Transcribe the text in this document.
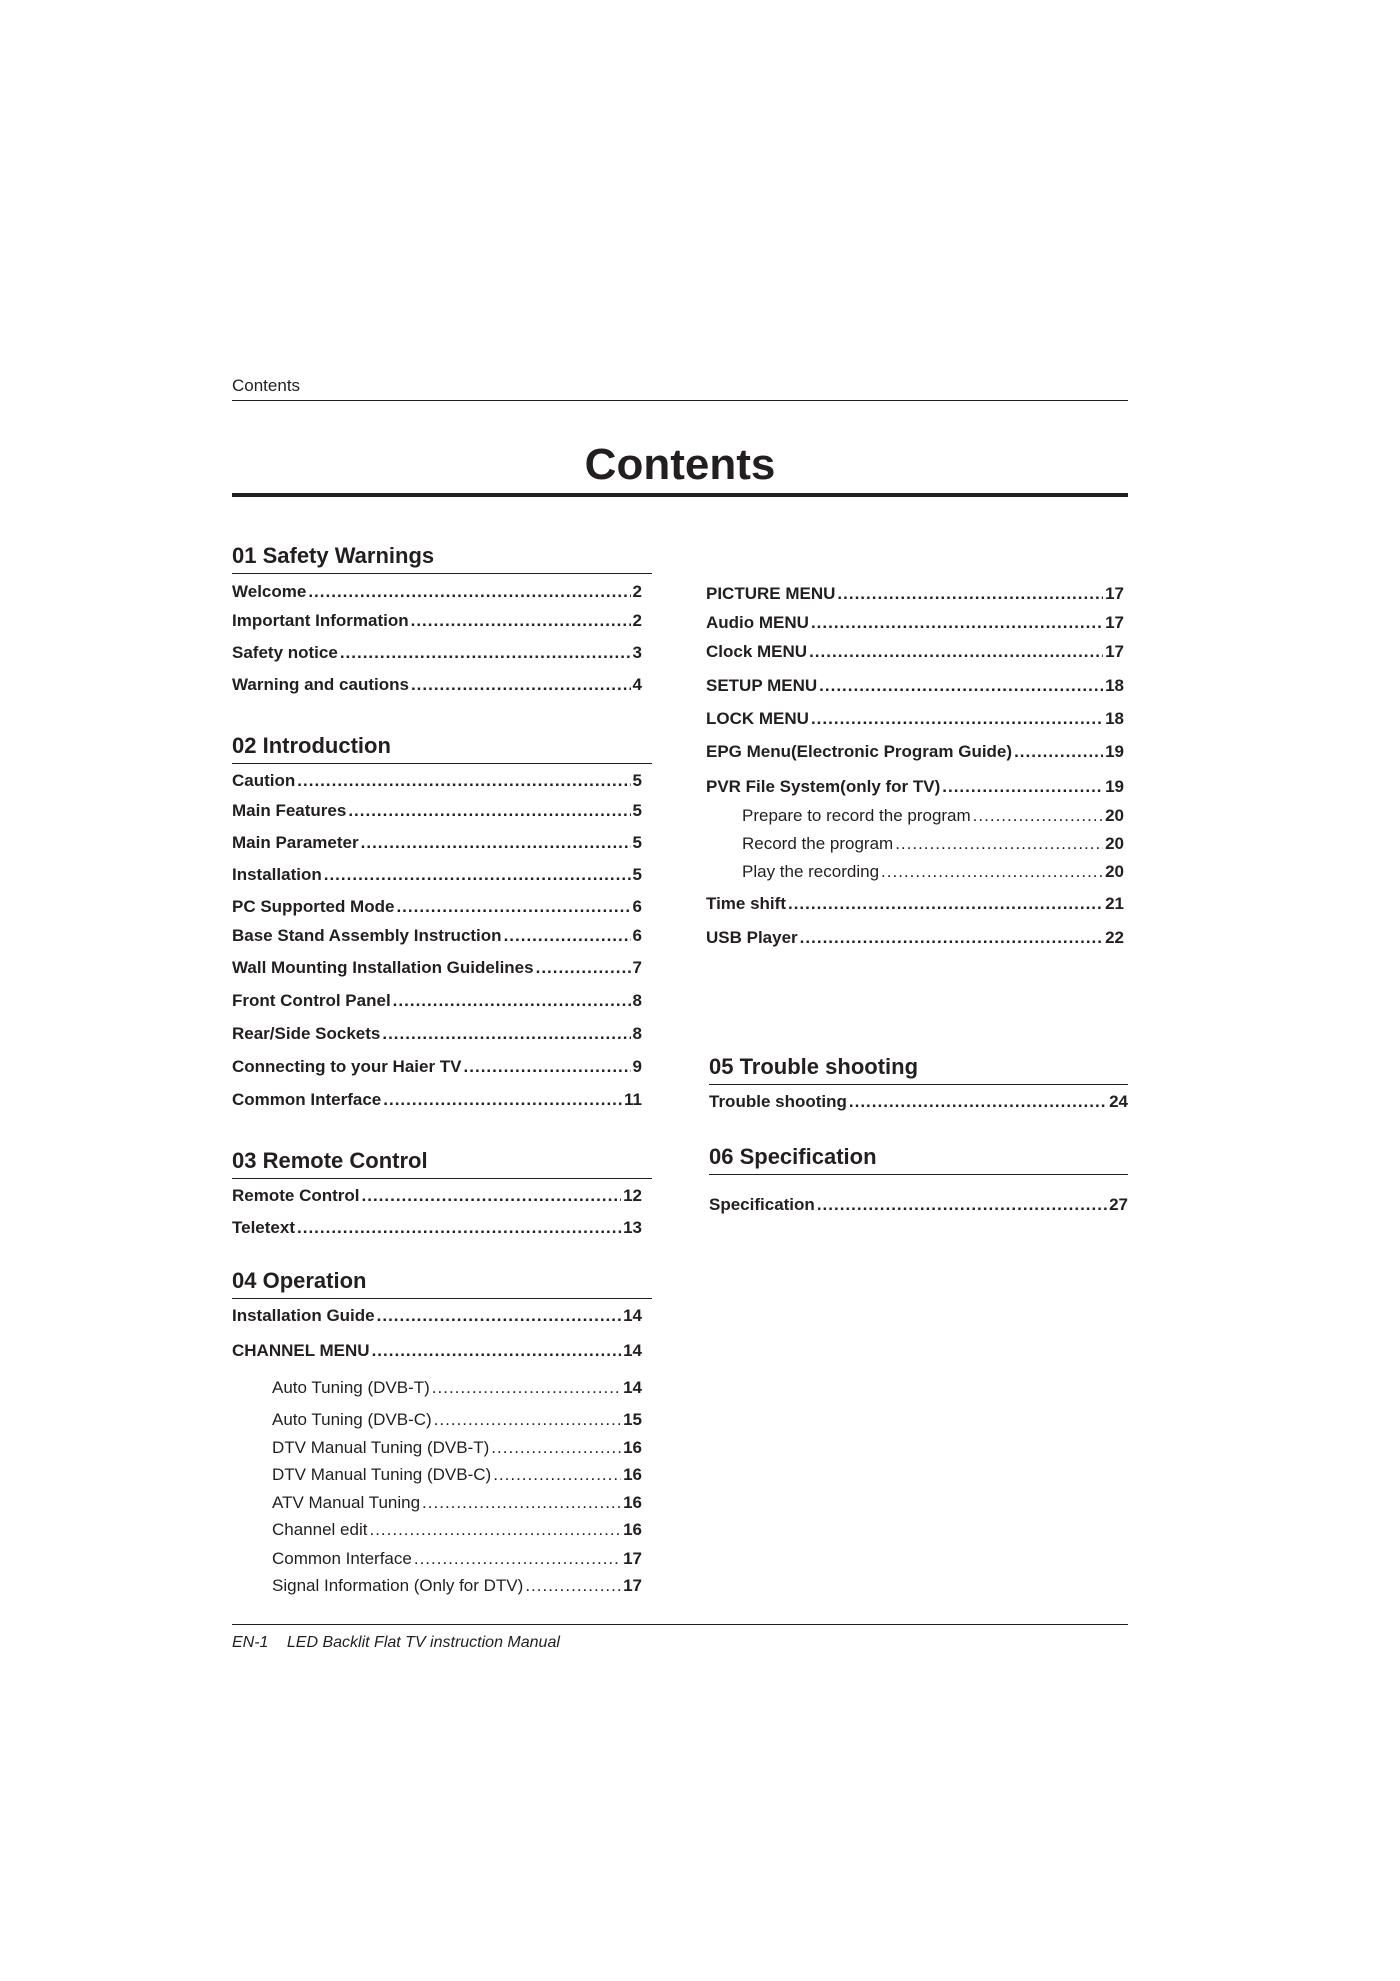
Contents
Contents
01 Safety Warnings
Welcome .....	2
Important Information .....	2
Safety notice .....	3
Warning and cautions .....	4
02 Introduction
Caution .....	5
Main Features .....	5
Main Parameter .....	5
Installation .....	5
PC Supported Mode .....	6
Base Stand Assembly Instruction .....	6
Wall Mounting Installation Guidelines .....	7
Front Control Panel .....	8
Rear/Side Sockets .....	8
Connecting to your Haier TV .....	9
Common Interface .....	11
03 Remote Control
Remote Control .....	12
Teletext .....	13
04 Operation
Installation Guide .....	14
CHANNEL MENU .....	14
Auto Tuning (DVB-T) .....	14
Auto Tuning (DVB-C) .....	15
DTV Manual Tuning (DVB-T) .....	16
DTV Manual Tuning (DVB-C) .....	16
ATV Manual Tuning .....	16
Channel edit .....	16
Common Interface .....	17
Signal Information (Only for DTV) .....	17
PICTURE MENU .....	17
Audio MENU .....	17
Clock MENU .....	17
SETUP MENU .....	18
LOCK MENU .....	18
EPG Menu(Electronic Program Guide) .....	19
PVR File System(only for TV) .....	19
Prepare to record the program .....	20
Record the program .....	20
Play the recording .....	20
Time shift .....	21
USB Player .....	22
05 Trouble shooting
Trouble shooting .....	24
06 Specification
Specification .....	27
EN-1 LED Backlit Flat TV instruction Manual
